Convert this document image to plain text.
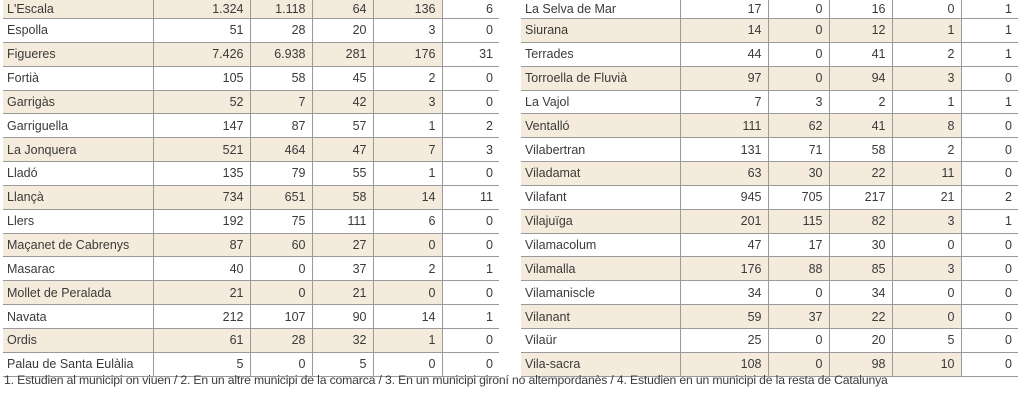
L'Escala	1.324	1.118	64	136	6
Espolla	51	28	20	3	0
Figueres	7.426	6.938	281	176	31
Fortià	105	58	45	2	0
Garrigàs	52	7	42	3	0
Garriguella	147	87	57	1	2
La Jonquera	521	464	47	7	3
Lladó	135	79	55	1	0
Llançà	734	651	58	14	11
Llers	192	75	111	6	0
Maçanet de Cabrenys	87	60	27	0	0
Masarac	40	0	37	2	1
Mollet de Peralada	21	0	21	0	0
Navata	212	107	90	14	1
Ordis	61	28	32	1	0
Palau de Santa Eulàlia	5	0	5	0	0
La Selva de Mar	17	0	16	0	1
Siurana	14	0	12	1	1
Terrades	44	0	41	2	1
Torroella de Fluvià	97	0	94	3	0
La Vajol	7	3	2	1	1
Ventalló	111	62	41	8	0
Vilabertran	131	71	58	2	0
Viladamat	63	30	22	11	0
Vilafant	945	705	217	21	2
Vilajuïga	201	115	82	3	1
Vilamacolum	47	17	30	0	0
Vilamalla	176	88	85	3	0
Vilamaniscle	34	0	34	0	0
Vilanant	59	37	22	0	0
Vilaür	25	0	20	5	0
Vila-sacra	108	0	98	10	0
1. Estudien al municipi on viuen / 2. En un altre municipi de la comarca / 3. En un municipi gironí no altempordanès / 4. Estudien en un municipi de la resta de Catalunya
